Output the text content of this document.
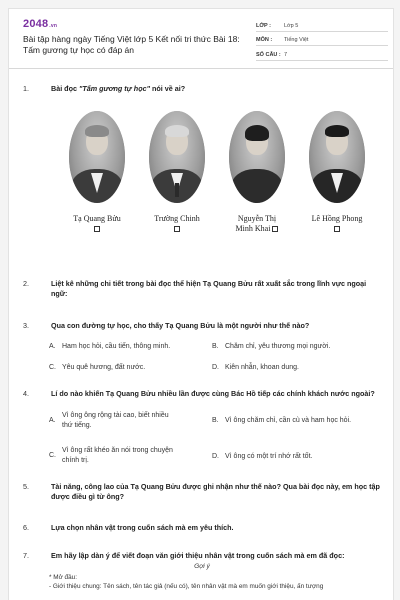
2048.vn
Bài tập hàng ngày Tiếng Việt lớp 5 Kết nối tri thức Bài 18: Tấm gương tự học có đáp án
LỚP :	Lớp 5
MÔN :	Tiếng Việt
SỐ CÂU : 7
1.	Bài đọc "Tấm gương tự học" nói về ai?
Tạ Quang Bửu	Trường Chinh	Nguyễn Thị
Minh Khai
Lê Hồng Phong
2.	Liệt kê những chi tiết trong bài đọc thể hiện Tạ Quang Bửu rất xuất sắc trong lĩnh vực ngoại ngữ:
3.	Qua con đường tự học, cho thấy Tạ Quang Bửu là một người như thế nào?
A. Ham học hỏi, cầu tiến, thông minh.	B. Chăm chỉ, yêu thương mọi người.
C. Yêu quê hương, đất nước.	D. Kiên nhẫn, khoan dung.
4.	Lí do nào khiến Tạ Quang Bửu nhiều lần được cùng Bác Hồ tiếp các chính khách nước ngoài?
A.
Vì ông ông rộng tài cao, biết nhiều thứ tiếng.
B. Vì ông chăm chỉ, cần cù và ham học hỏi.
C.
Vì ông rất khéo ăn nói trong chuyện chính trị.
D. Vì ông có một trí nhớ rất tốt.
5.	Tài năng, công lao của Tạ Quang Bửu được ghi nhận như thế nào? Qua bài đọc này, em học tập được điều gì từ ông?
6.	Lựa chọn nhân vật trong cuốn sách mà em yêu thích.
7.	Em hãy lập dàn ý để viết đoạn văn giới thiệu nhân vật trong cuốn sách mà em đã đọc:
Gợi ý
* Mở đầu:
- Giới thiệu chung: Tên sách, tên tác giả (nếu có), tên nhân vật mà em muốn giới thiệu, ấn tượng
